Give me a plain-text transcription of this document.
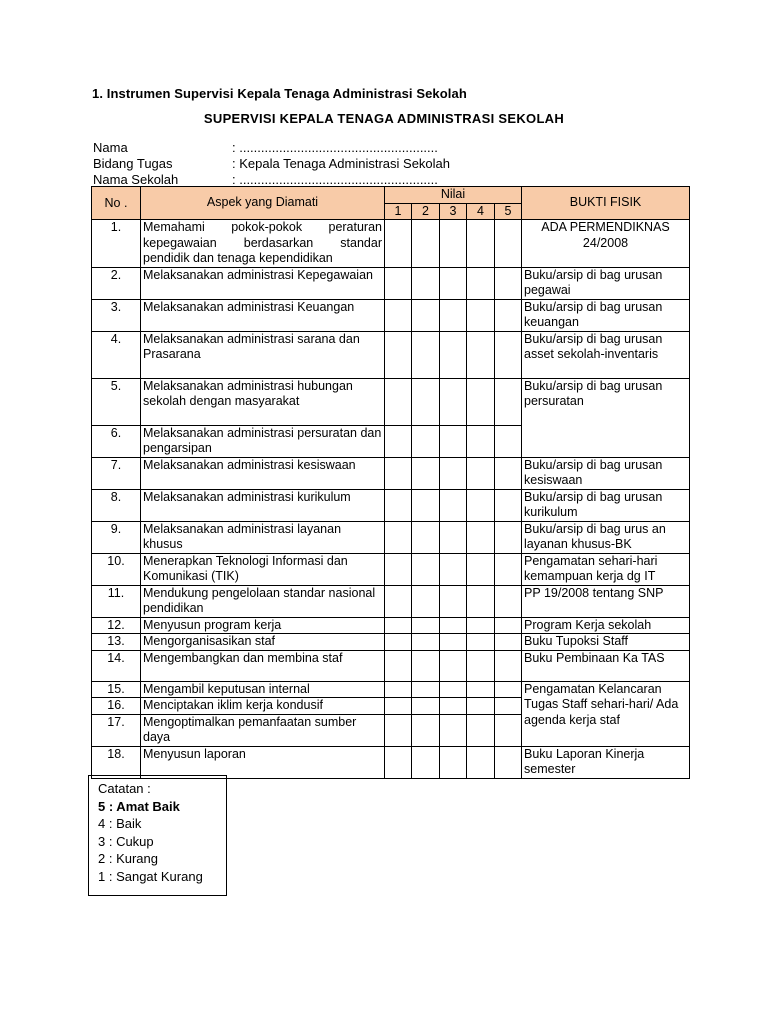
1. Instrumen Supervisi Kepala Tenaga Administrasi Sekolah
SUPERVISI KEPALA TENAGA ADMINISTRASI SEKOLAH
Nama	: .......................................................
Bidang Tugas	: Kepala Tenaga Administrasi Sekolah
Nama Sekolah	: .......................................................
No .	Aspek yang Diamati	Nilai					BUKTI FISIK
		1	2	3	4	5	
1.	Memahami pokok-pokok peraturan kepegawaian berdasarkan standar pendidik dan tenaga kependidikan						ADA PERMENDIKNAS 24/2008
2.	Melaksanakan administrasi Kepegawaian						Buku/arsip di bag urusan pegawai
3.	Melaksanakan administrasi Keuangan						Buku/arsip di bag urusan keuangan
4.	Melaksanakan administrasi sarana dan Prasarana						Buku/arsip di bag urusan asset sekolah-inventaris
5.	Melaksanakan administrasi hubungan sekolah dengan masyarakat						Buku/arsip di bag urusan persuratan
6.	Melaksanakan administrasi persuratan dan pengarsipan						
7.	Melaksanakan administrasi kesiswaan						Buku/arsip di bag urusan kesiswaan
8.	Melaksanakan administrasi kurikulum						Buku/arsip di bag urusan kurikulum
9.	Melaksanakan administrasi layanan khusus						Buku/arsip di bag urus an layanan khusus-BK
10.	Menerapkan Teknologi Informasi dan Komunikasi (TIK)						Pengamatan sehari-hari kemampuan kerja dg IT
11.	Mendukung pengelolaan standar nasional pendidikan						PP 19/2008 tentang SNP
12.	Menyusun program kerja						Program Kerja sekolah
13.	Mengorganisasikan staf						Buku Tupoksi Staff
14.	Mengembangkan dan membina staf						Buku Pembinaan Ka TAS
15.	Mengambil keputusan internal						Pengamatan Kelancaran Tugas Staff sehari-hari/ Ada agenda kerja staf
16.	Menciptakan iklim kerja kondusif						
17.	Mengoptimalkan pemanfaatan sumber daya						
18.	Menyusun laporan						Buku Laporan Kinerja semester
Catatan :
5 : Amat Baik
4 : Baik
3 : Cukup
2 : Kurang
1 : Sangat Kurang
